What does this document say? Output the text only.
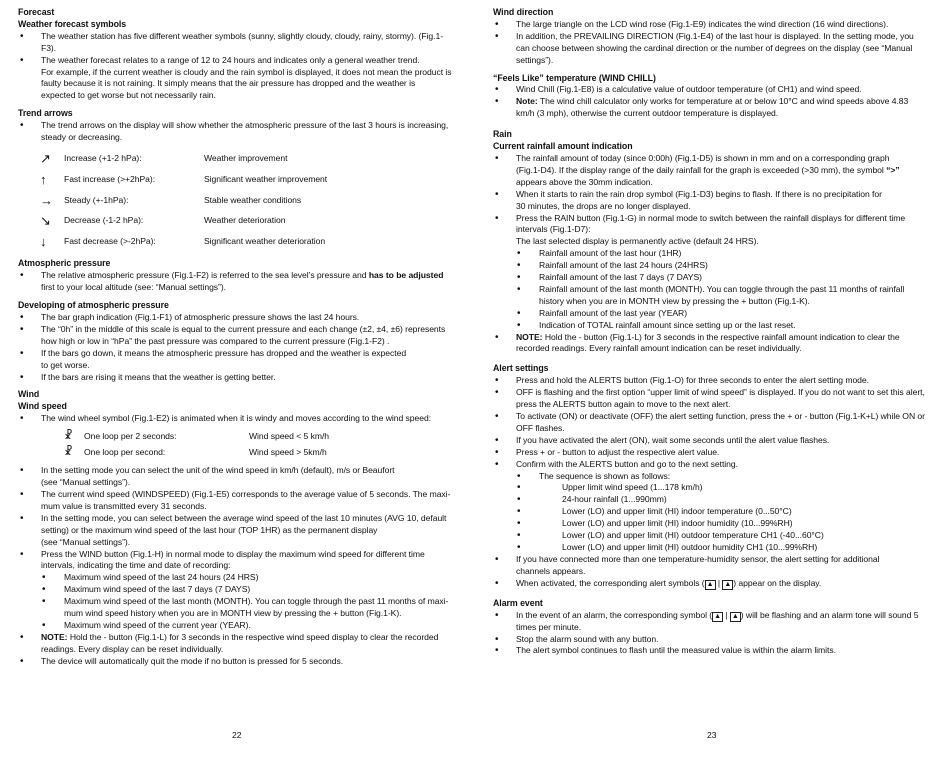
Forecast
Weather forecast symbols
• The weather station has five different weather symbols (sunny, slightly cloudy, cloudy, rainy, stormy). (Fig.1-F3).
• The weather forecast relates to a range of 12 to 24 hours and indicates only a general weather trend.
For example, if the current weather is cloudy and the rain symbol is displayed, it does not mean the product is
faulty because it is not raining. It simply means that the air pressure has dropped and the weather is
expected to get worse but not necessarily rain.
Trend arrows
• The trend arrows on the display will show whether the atmospheric pressure of the last 3 hours is increasing,
steady or decreasing.
↗	Increase (+1-2 hPa):	Weather improvement
↑	Fast increase (>+2hPa):	Significant weather improvement
→	Steady (+-1hPa):	Stable weather conditions
↘	Decrease (-1-2 hPa):	Weather deterioration
↓	Fast decrease (>-2hPa):	Significant weather deterioration
Atmospheric pressure
• The relative atmospheric pressure (Fig.1-F2) is referred to the sea level’s pressure and has to be adjusted
first to your local altitude (see: “Manual settings”).
Developing of atmospheric pressure
• The bar graph indication (Fig.1-F1) of atmospheric pressure shows the last 24 hours.
• The “0h” in the middle of this scale is equal to the current pressure and each change (±2, ±4, ±6) represents
how high or low in “hPa” the past pressure was compared to the current pressure (Fig.1-F2) .
• If the bars go down, it means the atmospheric pressure has dropped and the weather is expected
to get worse.
• If the bars are rising it means that the weather is getting better.
Wind
Wind speed
• The wind wheel symbol (Fig.1-E2) is animated when it is windy and moves according to the wind speed:
☧	One loop per 2 seconds:	Wind speed < 5 km/h
☧	One loop per second:	Wind speed > 5km/h
• In the setting mode you can select the unit of the wind speed in km/h (default), m/s or Beaufort
(see “Manual settings”).
• The current wind speed (WINDSPEED) (Fig.1-E5) corresponds to the average value of 5 seconds. The maxi-
mum value is transmitted every 31 seconds.
• In the setting mode, you can select between the average wind speed of the last 10 minutes (AVG 10, default
setting) or the maximum wind speed of the last hour (TOP 1HR) as the permanent display
(see “Manual settings”).
• Press the WIND button (Fig.1-H) in normal mode to display the maximum wind speed for different time
intervals, indicating the time and date of recording:
• Maximum wind speed of the last 24 hours (24 HRS)
• Maximum wind speed of the last 7 days (7 DAYS)
• Maximum wind speed of the last month (MONTH). You can toggle through the past 11 months of maxi-
mum wind speed history when you are in MONTH view by pressing the + button (Fig.1-K).
• Maximum wind speed of the current year (YEAR).
• NOTE: Hold the - button (Fig.1-L) for 3 seconds in the respective wind speed display to clear the recorded
readings. Every display can be reset individually.
• The device will automatically quit the mode if no button is pressed for 5 seconds.
22
Wind direction
• The large triangle on the LCD wind rose (Fig.1-E9) indicates the wind direction (16 wind directions).
• In addition, the PREVAILING DIRECTION (Fig.1-E4) of the last hour is displayed. In the setting mode, you
can choose between showing the cardinal direction or the number of degrees on the display (see “Manual
settings”).
“Feels Like” temperature (WIND CHILL)
• Wind Chill (Fig.1-E8) is a calculative value of outdoor temperature (of CH1) and wind speed.
• Note: The wind chill calculator only works for temperature at or below 10°C and wind speeds above 4.83
km/h (3 mph), otherwise the current outdoor temperature is displayed.
Rain
Current rainfall amount indication
• The rainfall amount of today (since 0:00h) (Fig.1-D5) is shown in mm and on a corresponding graph
(Fig.1-D4). If the display range of the daily rainfall for the graph is exceeded (>30 mm), the symbol “>”
appears above the 30mm indication.
• When it starts to rain the rain drop symbol (Fig.1-D3) begins to flash. If there is no precipitation for
30 minutes, the drops are no longer displayed.
• Press the RAIN button (Fig.1-G) in normal mode to switch between the rainfall displays for different time
intervals (Fig.1-D7):
The last selected display is permanently active (default 24 HRS).
• Rainfall amount of the last hour (1HR)
• Rainfall amount of the last 24 hours (24HRS)
• Rainfall amount of the last 7 days (7 DAYS)
• Rainfall amount of the last month (MONTH). You can toggle through the past 11 months of rainfall
history when you are in MONTH view by pressing the + button (Fig.1-K).
• Rainfall amount of the last year (YEAR)
• Indication of TOTAL rainfall amount since setting up or the last reset.
• NOTE: Hold the - button (Fig.1-L) for 3 seconds in the respective rainfall amount indication to clear the
recorded readings. Every rainfall amount indication can be reset individually.
Alert settings
• Press and hold the ALERTS button (Fig.1-O) for three seconds to enter the alert setting mode.
• OFF is flashing and the first option “upper limit of wind speed” is displayed. If you do not want to set this alert,
press the ALERTS button again to move to the next alert.
• To activate (ON) or deactivate (OFF) the alert setting function, press the + or - button (Fig.1-K+L) while ON or
OFF flashes.
• If you have activated the alert (ON), wait some seconds until the alert value flashes.
• Press + or - button to adjust the respective alert value.
• Confirm with the ALERTS button and go to the next setting.
• The sequence is shown as follows:
• Upper limit wind speed (1...178 km/h)
• 24-hour rainfall (1...990mm)
• Lower (LO) and upper limit (HI) indoor temperature (0...50°C)
• Lower (LO) and upper limit (HI) indoor humidity (10...99%RH)
• Lower (LO) and upper limit (HI) outdoor temperature CH1 (-40...60°C)
• Lower (LO) and upper limit (HI) outdoor humidity CH1 (10...99%RH)
• If you have connected more than one temperature-humidity sensor, the alert setting for additional
channels appears.
• When activated, the corresponding alert symbols ( ▲ | ▲ ) appear on the display.
Alarm event
• In the event of an alarm, the corresponding symbol ( ▲ | ▲ ) will be flashing and an alarm tone will sound 5
times per minute.
• Stop the alarm sound with any button.
• The alert symbol continues to flash until the measured value is within the alarm limits.
23
